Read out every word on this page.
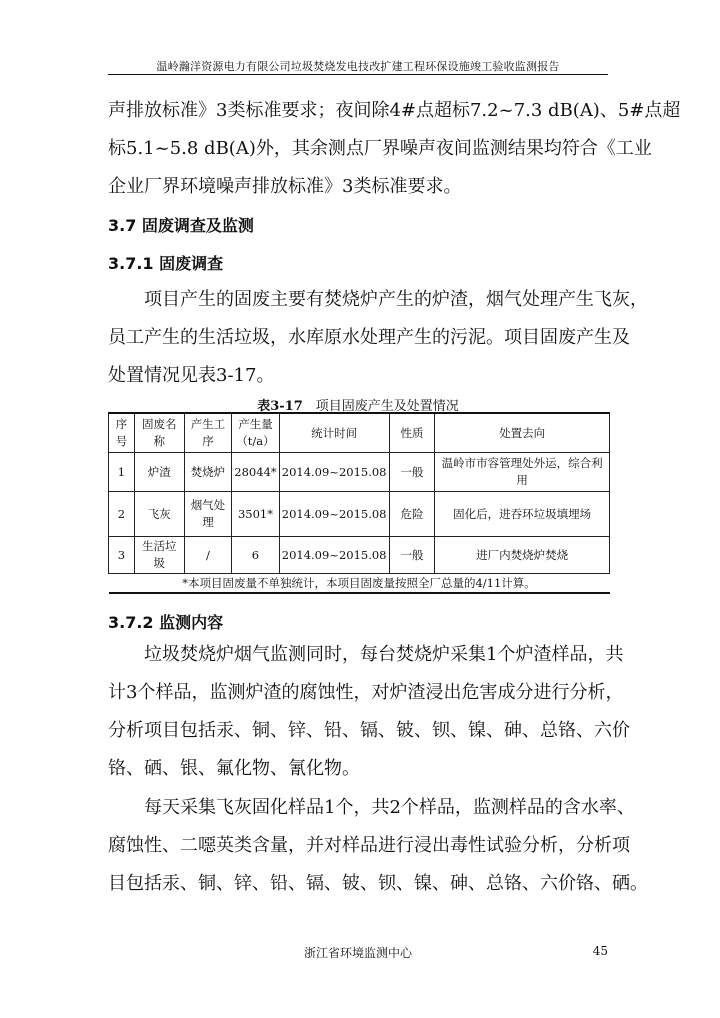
温岭瀚洋资源电力有限公司垃圾焚烧发电技改扩建工程环保设施竣工验收监测报告
声排放标准》3类标准要求；夜间除4#点超标7.2~7.3 dB(A)、5#点超
标5.1~5.8 dB(A)外，其余测点厂界噪声夜间监测结果均符合《工业
企业厂界环境噪声排放标准》3类标准要求。
3.7 固废调查及监测
3.7.1 固废调查
　　项目产生的固废主要有焚烧炉产生的炉渣，烟气处理产生飞灰，
员工产生的生活垃圾，水库原水处理产生的污泥。项目固废产生及
处置情况见表3-17。
表3-17　 项目固废产生及处置情况
序号	固废名称	产生工序	产生量（t/a）	统计时间	性质	处置去向
1	炉渣	焚烧炉	28044*	2014.09~2015.08	一般	温岭市市容管理处外运，综合利用
2	飞灰	烟气处理	3501*	2014.09~2015.08	危险	固化后，进吞环垃圾填埋场
3	生活垃圾	/	6	2014.09~2015.08	一般	进厂内焚烧炉焚烧
*本项目固废量不单独统计，本项目固废量按照全厂总量的4/11计算。						
3.7.2 监测内容
　　垃圾焚烧炉烟气监测同时，每台焚烧炉采集1个炉渣样品，共
计3个样品，监测炉渣的腐蚀性，对炉渣浸出危害成分进行分析，
分析项目包括汞、铜、锌、铅、镉、铍、钡、镍、砷、总铬、六价
铬、硒、银、氟化物、氰化物。
　　每天采集飞灰固化样品1个，共2个样品，监测样品的含水率、
腐蚀性、二噁英类含量，并对样品进行浸出毒性试验分析，分析项
目包括汞、铜、锌、铅、镉、铍、钡、镍、砷、总铬、六价铬、硒。
浙江省环境监测中心	45
